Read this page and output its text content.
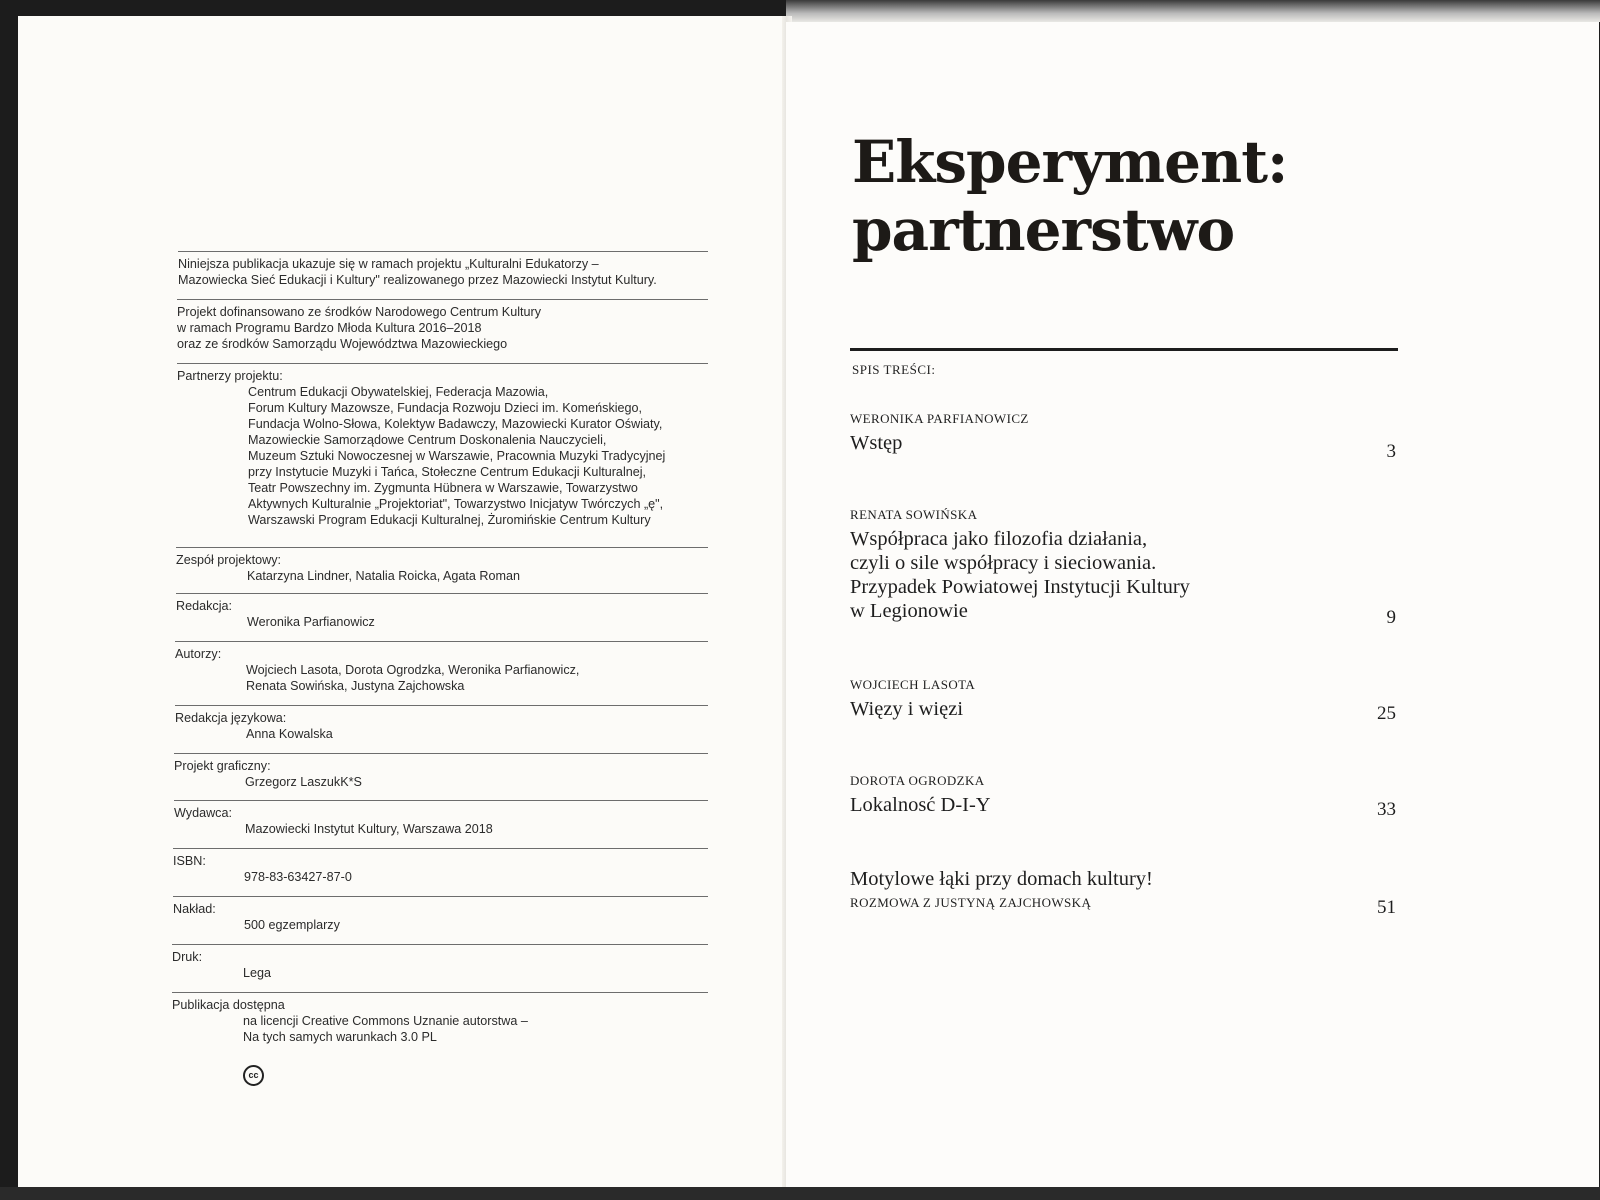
Niniejsza publikacja ukazuje się w ramach projektu „Kulturalni Edukatorzy –
Mazowiecka Sieć Edukacji i Kultury" realizowanego przez Mazowiecki Instytut Kultury.
Projekt dofinansowano ze środków Narodowego Centrum Kultury
w ramach Programu Bardzo Młoda Kultura 2016–2018
oraz ze środków Samorządu Województwa Mazowieckiego
Partnerzy projektu:
Centrum Edukacji Obywatelskiej, Federacja Mazowia,
Forum Kultury Mazowsze, Fundacja Rozwoju Dzieci im. Komeńskiego,
Fundacja Wolno-Słowa, Kolektyw Badawczy, Mazowiecki Kurator Oświaty,
Mazowieckie Samorządowe Centrum Doskonalenia Nauczycieli,
Muzeum Sztuki Nowoczesnej w Warszawie, Pracownia Muzyki Tradycyjnej
przy Instytucie Muzyki i Tańca, Stołeczne Centrum Edukacji Kulturalnej,
Teatr Powszechny im. Zygmunta Hübnera w Warszawie, Towarzystwo
Aktywnych Kulturalnie „Projektoriat", Towarzystwo Inicjatyw Twórczych „ę",
Warszawski Program Edukacji Kulturalnej, Żuromińskie Centrum Kultury
Zespół projektowy:
Katarzyna Lindner, Natalia Roicka, Agata Roman
Redakcja:
Weronika Parfianowicz
Autorzy:
Wojciech Lasota, Dorota Ogrodzka, Weronika Parfianowicz,
Renata Sowińska, Justyna Zajchowska
Redakcja językowa:
Anna Kowalska
Projekt graficzny:
Grzegorz LaszukK*S
Wydawca:
Mazowiecki Instytut Kultury, Warszawa 2018
ISBN:
978-83-63427-87-0
Nakład:
500 egzemplarzy
Druk:
Lega
Publikacja dostępna
na licencji Creative Commons Uznanie autorstwa –
Na tych samych warunkach 3.0 PL

cc

Eksperyment:
partnerstwo
SPIS TREŚCI:
WERONIKA PARFIANOWICZ
Wstęp	3
RENATA SOWIŃSKA
Współpraca jako filozofia działania,
czyli o sile współpracy i sieciowania.
Przypadek Powiatowej Instytucji Kultury
w Legionowie	9
WOJCIECH LASOTA
Więzy i więzi	25
DOROTA OGRODZKA
Lokalnosć D-I-Y	33
Motylowe łąki przy domach kultury!
ROZMOWA Z JUSTYNĄ ZAJCHOWSKĄ	51
